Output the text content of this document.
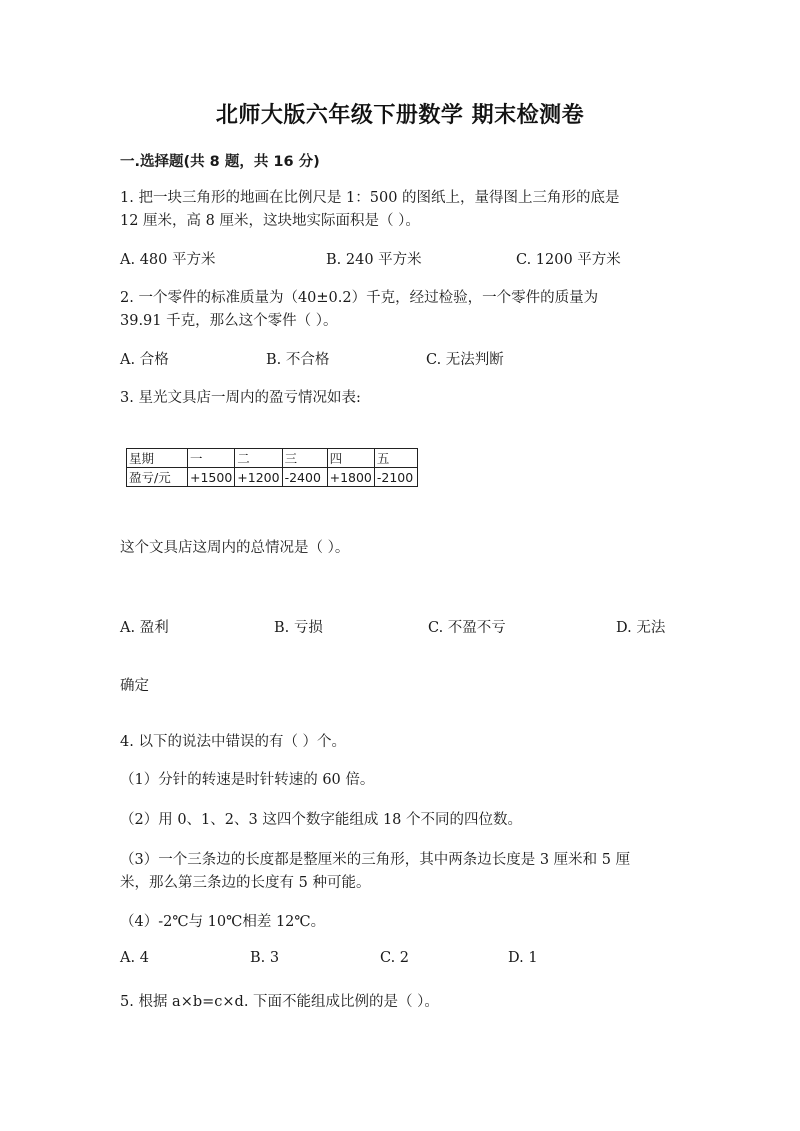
北师大版六年级下册数学 期末检测卷
一.选择题(共 8 题，共 16 分)
1. 把一块三角形的地画在比例尺是 1：500 的图纸上，量得图上三角形的底是
12 厘米，高 8 厘米，这块地实际面积是（ ）。
A. 480 平方米	B. 240 平方米	C. 1200 平方米
2. 一个零件的标准质量为（40±0.2）千克，经过检验，一个零件的质量为
39.91 千克，那么这个零件（ ）。
A. 合格	B. 不合格	C. 无法判断
3. 星光文具店一周内的盈亏情况如表:
星期	一	二	三	四	五
盈亏/元	+1500	+1200	-2400	+1800	-2100
这个文具店这周内的总情况是（ ）。
A. 盈利	B. 亏损	C. 不盈不亏	D. 无法
确定
4. 以下的说法中错误的有（ ）个。
（1）分针的转速是时针转速的 60 倍。
（2）用 0、1、2、3 这四个数字能组成 18 个不同的四位数。
（3）一个三条边的长度都是整厘米的三角形，其中两条边长度是 3 厘米和 5 厘
米，那么第三条边的长度有 5 种可能。
（4）-2℃与 10℃相差 12℃。
A. 4	B. 3	C. 2	D. 1
5. 根据 a×b=c×d. 下面不能组成比例的是（ ）。
